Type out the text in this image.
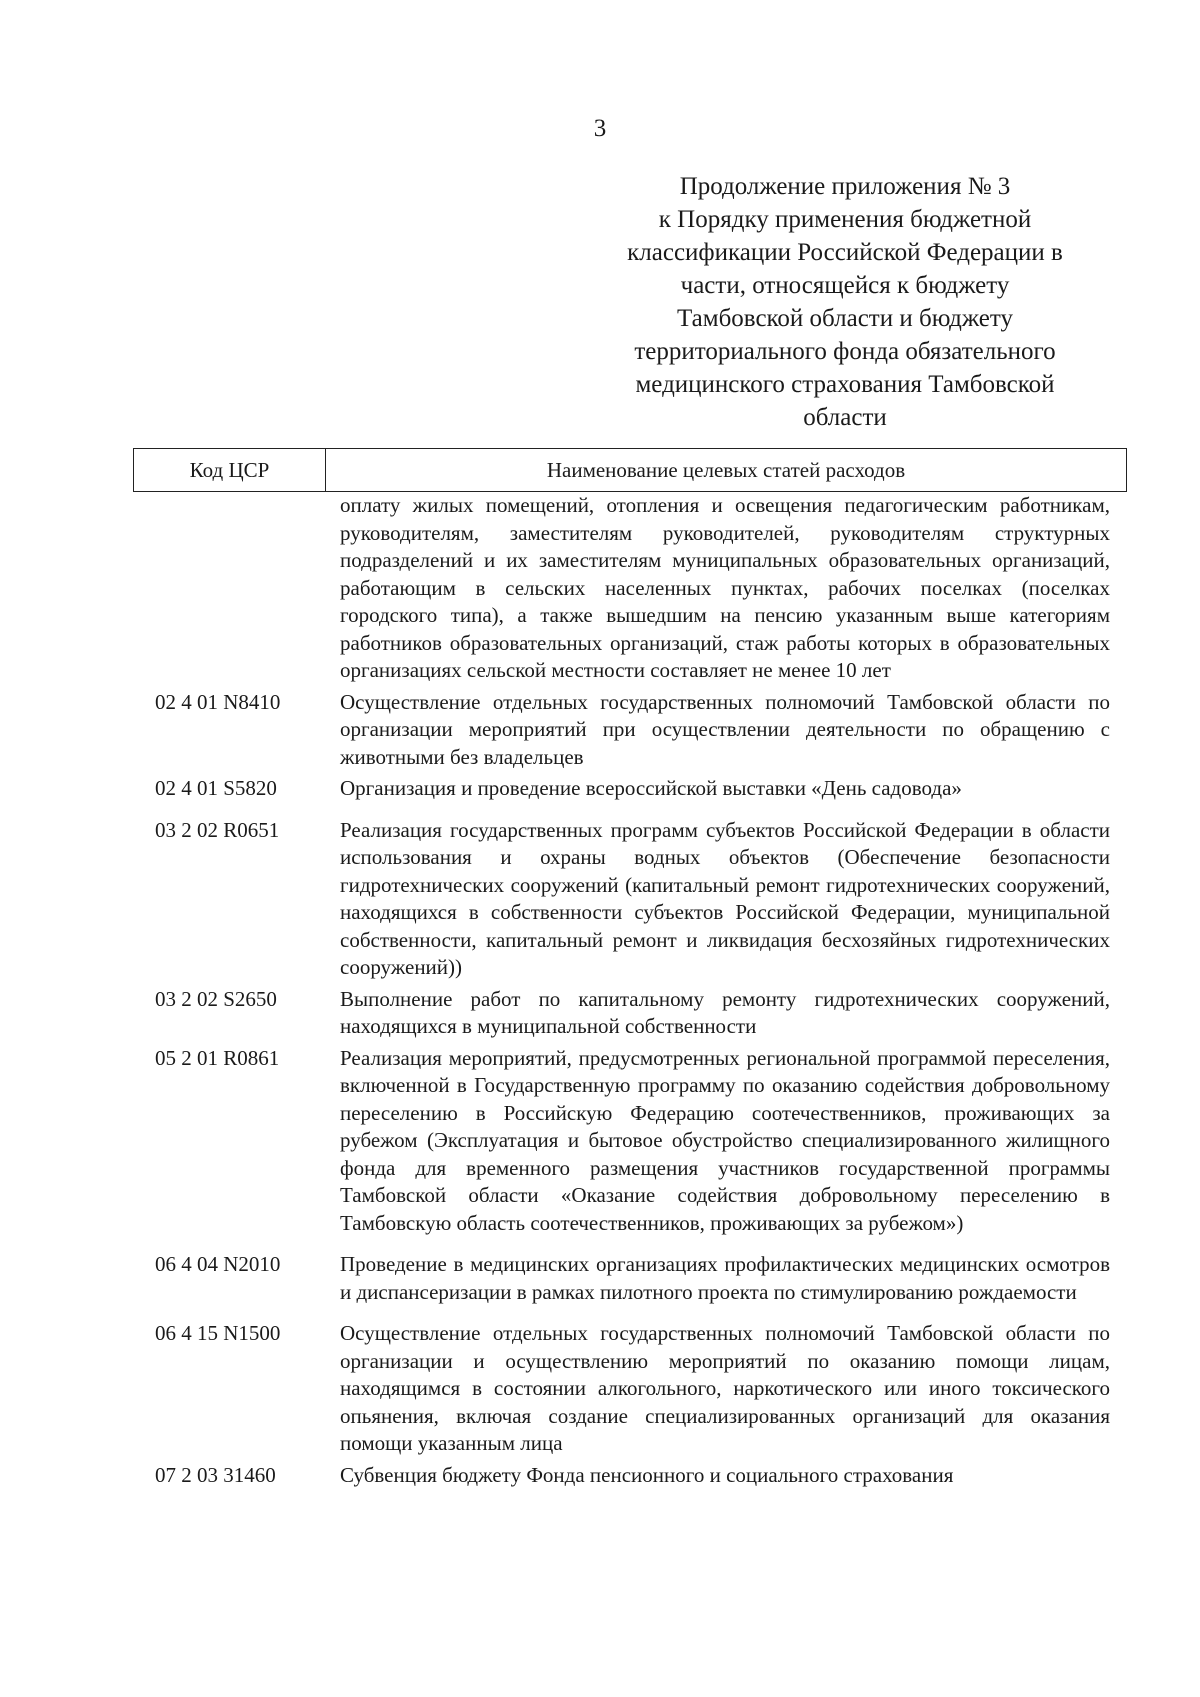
3
Продолжение приложения № 3
к Порядку применения бюджетной
классификации Российской Федерации в
части, относящейся к бюджету
Тамбовской области и бюджету
территориального фонда обязательного
медицинского страхования Тамбовской
области
Код ЦСР	Наименование целевых статей расходов
оплату жилых помещений, отопления и освещения педагогическим работникам, руководителям, заместителям руководителей, руководителям структурных подразделений и их заместителям муниципальных образовательных организаций, работающим в сельских населенных пунктах, рабочих поселках (поселках городского типа), а также вышедшим на пенсию указанным выше категориям работников образовательных организаций, стаж работы которых в образовательных организациях сельской местности составляет не менее 10 лет
02 4 01 N8410	Осуществление отдельных государственных полномочий Тамбовской области по организации мероприятий при осуществлении деятельности по обращению с животными без владельцев
02 4 01 S5820	Организация и проведение всероссийской выставки «День садовода»
03 2 02 R0651	Реализация государственных программ субъектов Российской Федерации в области использования и охраны водных объектов (Обеспечение безопасности гидротехнических сооружений (капитальный ремонт гидротехнических сооружений, находящихся в собственности субъектов Российской Федерации, муниципальной собственности, капитальный ремонт и ликвидация бесхозяйных гидротехнических сооружений))
03 2 02 S2650	Выполнение работ по капитальному ремонту гидротехнических сооружений, находящихся в муниципальной собственности
05 2 01 R0861	Реализация мероприятий, предусмотренных региональной программой переселения, включенной в Государственную программу по оказанию содействия добровольному переселению в Российскую Федерацию соотечественников, проживающих за рубежом (Эксплуатация и бытовое обустройство специализированного жилищного фонда для временного размещения участников государственной программы Тамбовской области «Оказание содействия добровольному переселению в Тамбовскую область соотечественников, проживающих за рубежом»)
06 4 04 N2010	Проведение в медицинских организациях профилактических медицинских осмотров и диспансеризации в рамках пилотного проекта по стимулированию рождаемости
06 4 15 N1500	Осуществление отдельных государственных полномочий Тамбовской области по организации и осуществлению мероприятий по оказанию помощи лицам, находящимся в состоянии алкогольного, наркотического или иного токсического опьянения, включая создание специализированных организаций для оказания помощи указанным лица
07 2 03 31460	Субвенция бюджету Фонда пенсионного и социального страхования
